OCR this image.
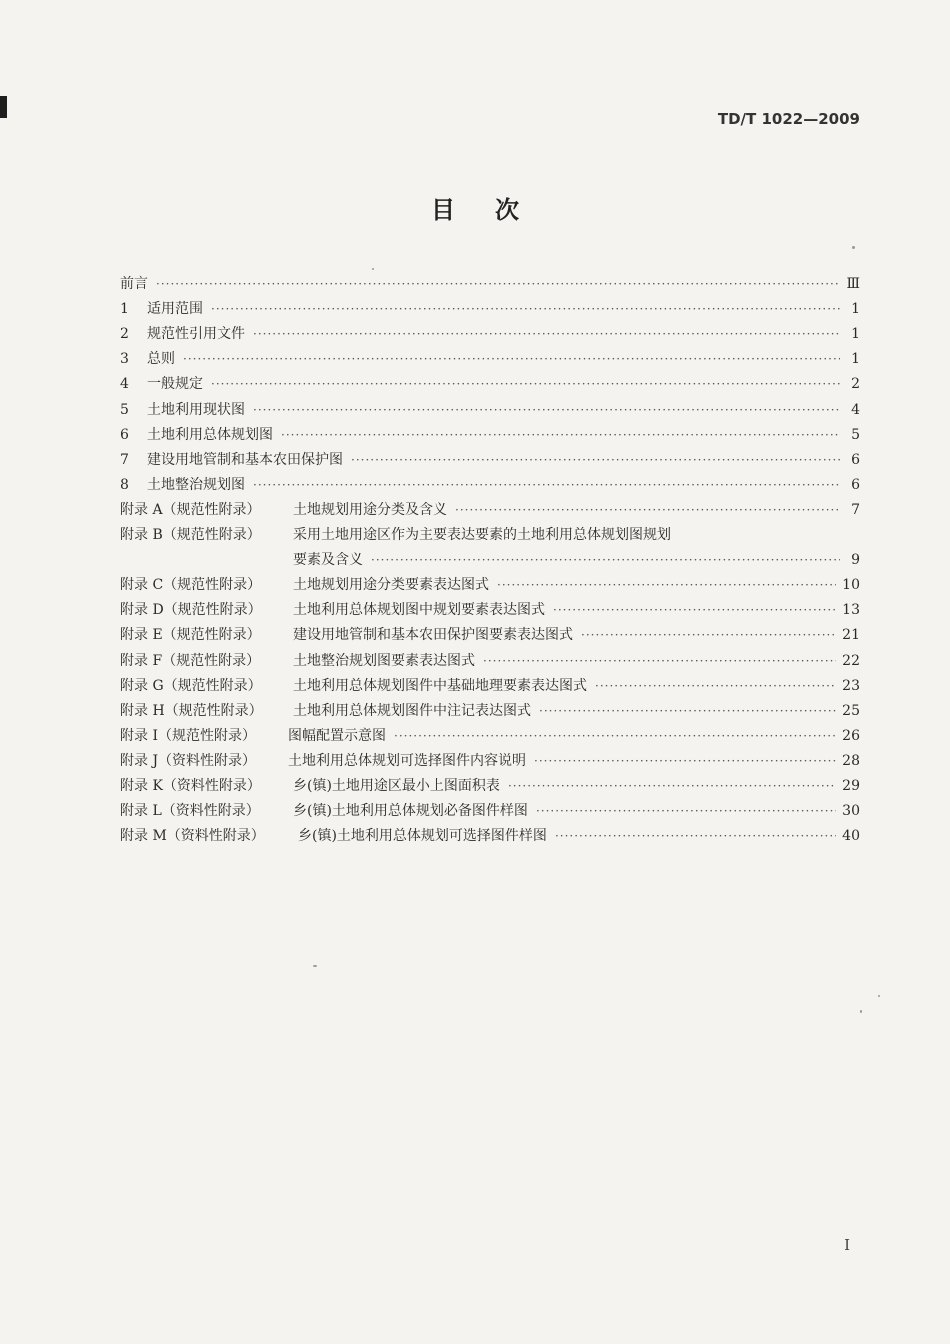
TD/T 1022—2009
目次
前言 ·····	Ⅲ
1	适用范围 ·····	1
2	规范性引用文件 ·····	1
3	总则 ·····	1
4	一般规定 ·····	2
5	土地利用现状图 ·····	4
6	土地利用总体规划图 ·····	5
7	建设用地管制和基本农田保护图 ·····	6
8	土地整治规划图 ·····	6
附录 A（规范性附录）	土地规划用途分类及含义 ·····	7
附录 B（规范性附录）	采用土地用途区作为主要表达要素的土地利用总体规划图规划
要素及含义 ·····	9
附录 C（规范性附录）	土地规划用途分类要素表达图式 ·····	10
附录 D（规范性附录）	土地利用总体规划图中规划要素表达图式 ·····	13
附录 E（规范性附录）	建设用地管制和基本农田保护图要素表达图式 ·····	21
附录 F（规范性附录）	土地整治规划图要素表达图式 ·····	22
附录 G（规范性附录）	土地利用总体规划图件中基础地理要素表达图式 ·····	23
附录 H（规范性附录）	土地利用总体规划图件中注记表达图式 ·····	25
附录 I（规范性附录）	图幅配置示意图 ·····	26
附录 J（资料性附录）	土地利用总体规划可选择图件内容说明 ·····	28
附录 K（资料性附录）	乡(镇)土地用途区最小上图面积表 ·····	29
附录 L（资料性附录）	乡(镇)土地利用总体规划必备图件样图 ·····	30
附录 M（资料性附录）	乡(镇)土地利用总体规划可选择图件样图 ·····	40
I
